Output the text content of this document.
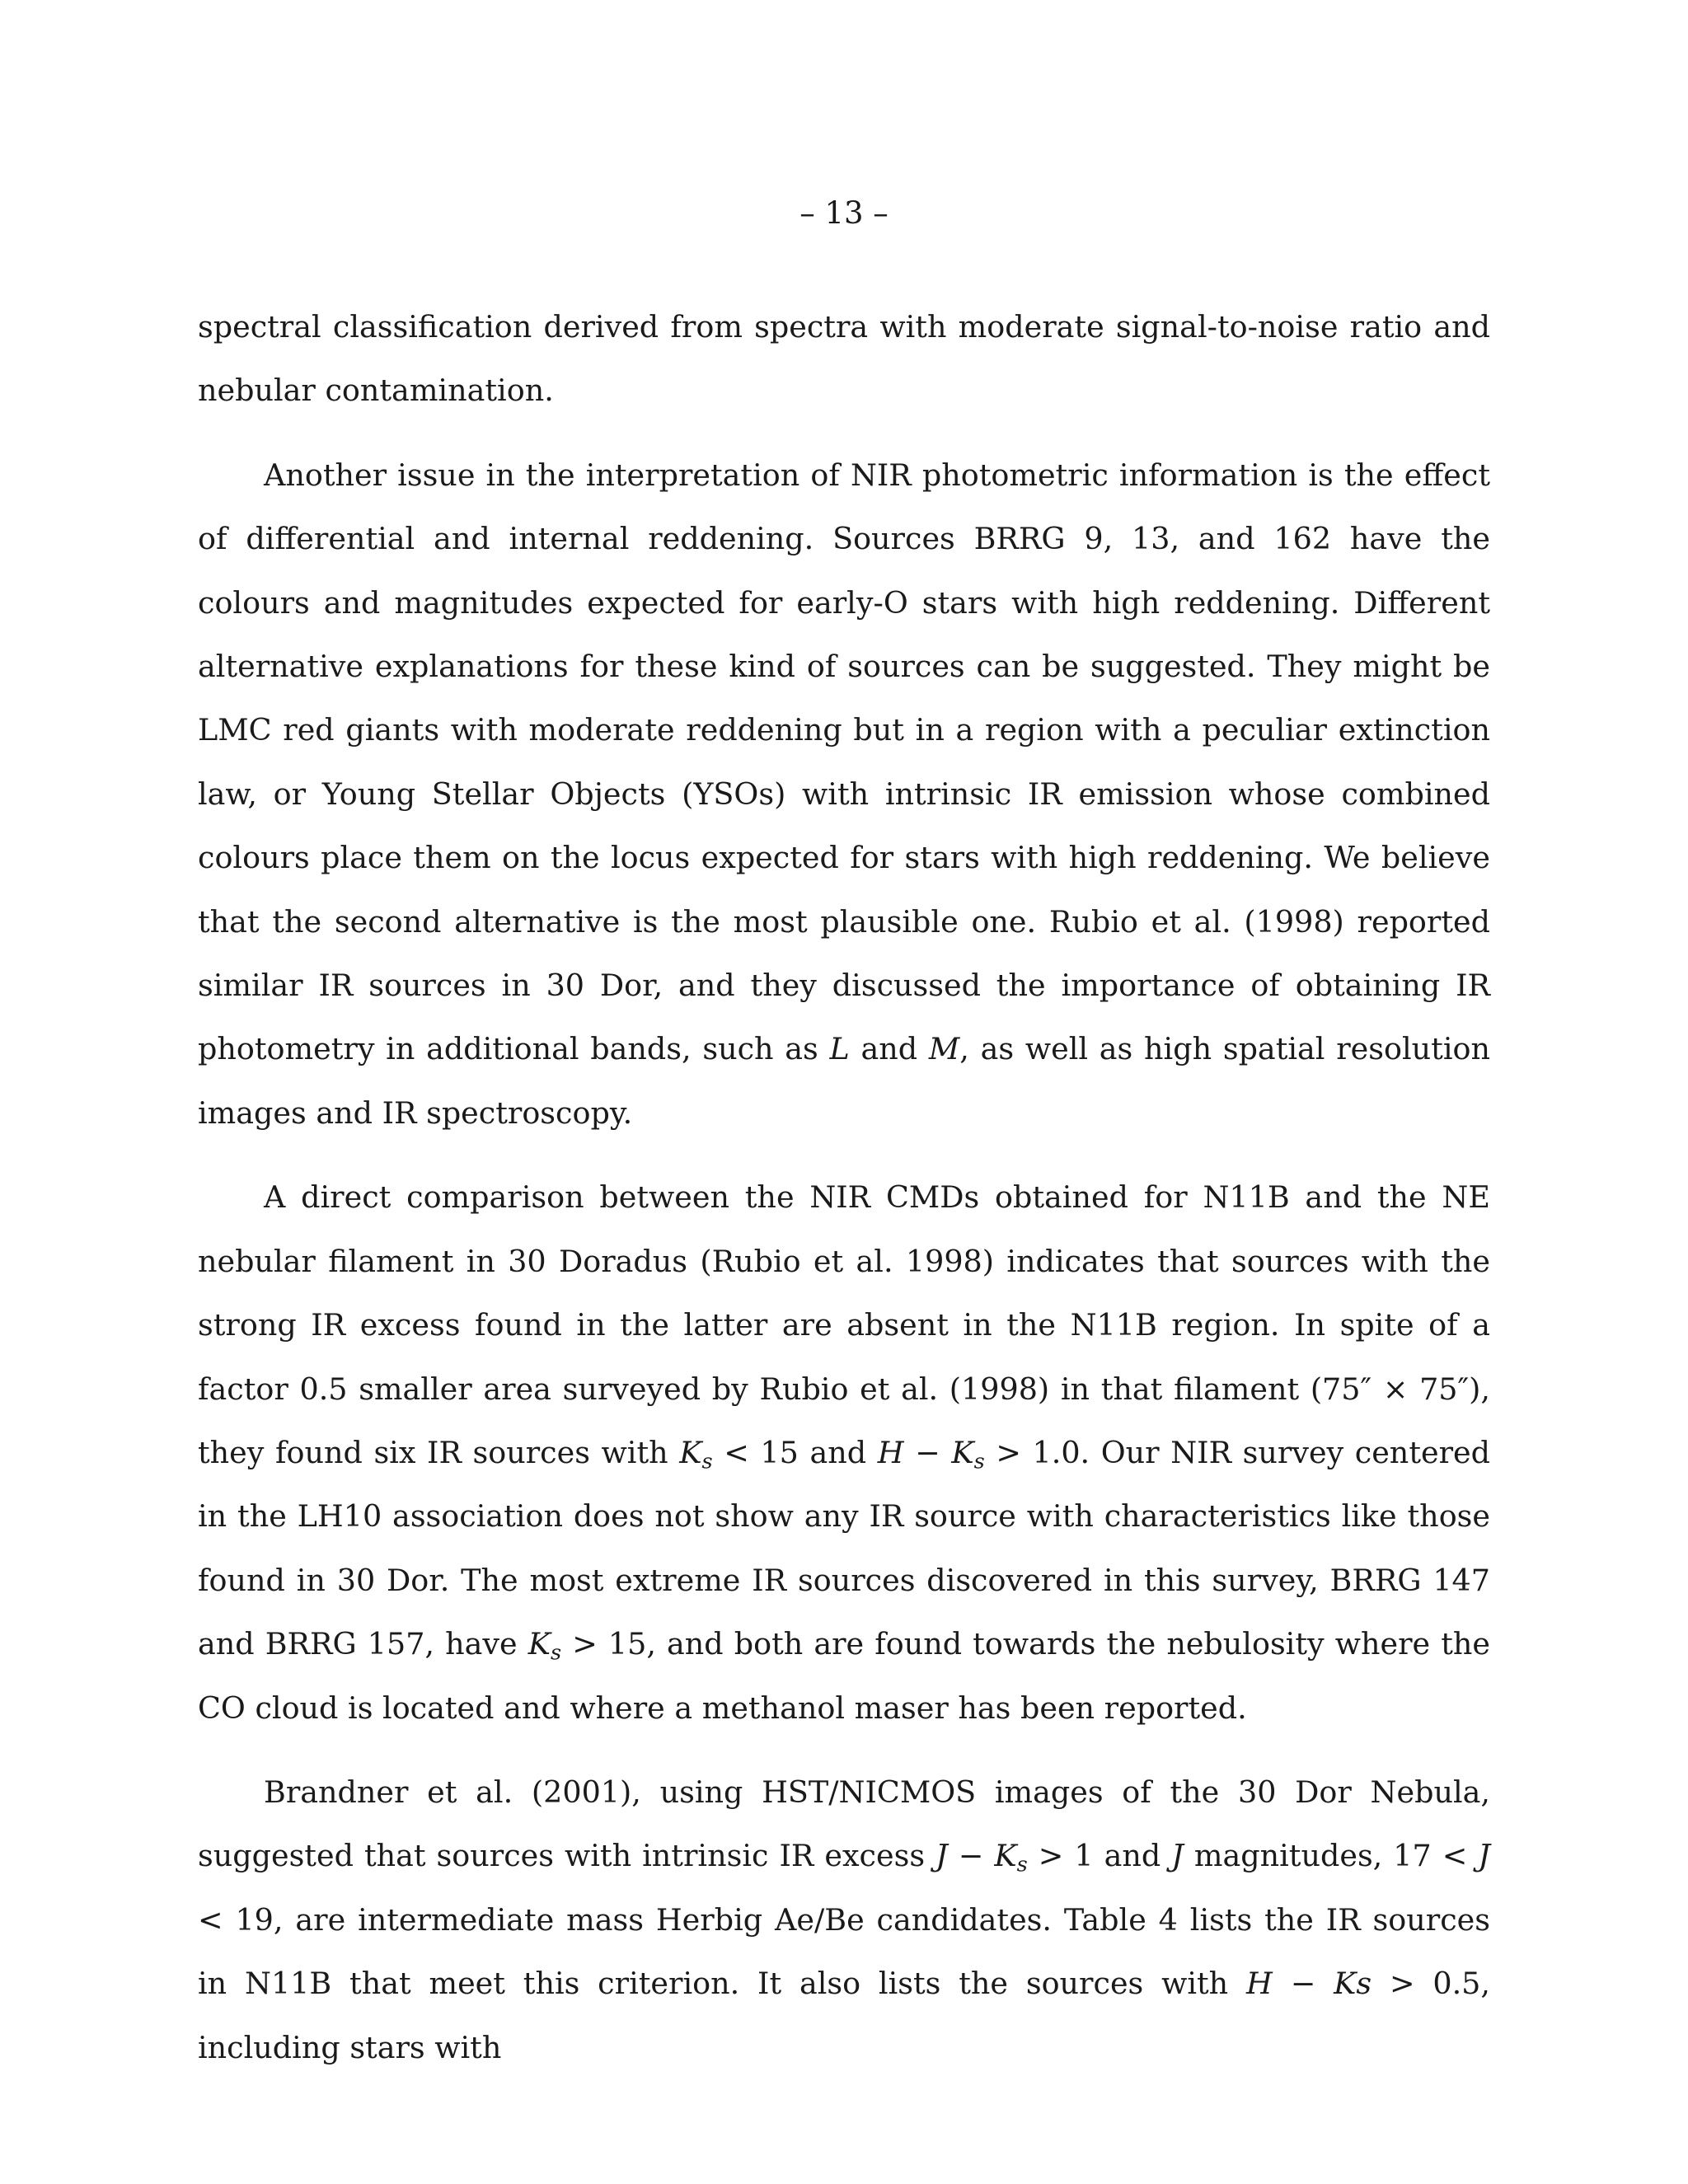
– 13 –

spectral classification derived from spectra with moderate signal-to-noise ratio and nebular contamination.

Another issue in the interpretation of NIR photometric information is the effect of differential and internal reddening. Sources BRRG 9, 13, and 162 have the colours and magnitudes expected for early-O stars with high reddening. Different alternative explanations for these kind of sources can be suggested. They might be LMC red giants with moderate reddening but in a region with a peculiar extinction law, or Young Stellar Objects (YSOs) with intrinsic IR emission whose combined colours place them on the locus expected for stars with high reddening. We believe that the second alternative is the most plausible one. Rubio et al. (1998) reported similar IR sources in 30 Dor, and they discussed the importance of obtaining IR photometry in additional bands, such as L and M, as well as high spatial resolution images and IR spectroscopy.

A direct comparison between the NIR CMDs obtained for N11B and the NE nebular filament in 30 Doradus (Rubio et al. 1998) indicates that sources with the strong IR excess found in the latter are absent in the N11B region. In spite of a factor 0.5 smaller area surveyed by Rubio et al. (1998) in that filament (75″ × 75″), they found six IR sources with $K_s < 15$ and $H - K_s > 1.0$. Our NIR survey centered in the LH10 association does not show any IR source with characteristics like those found in 30 Dor. The most extreme IR sources discovered in this survey, BRRG 147 and BRRG 157, have $K_s > 15$, and both are found towards the nebulosity where the CO cloud is located and where a methanol maser has been reported.

Brandner et al. (2001), using HST/NICMOS images of the 30 Dor Nebula, suggested that sources with intrinsic IR excess $J - K_s > 1$ and J magnitudes, 17 < J < 19, are intermediate mass Herbig Ae/Be candidates. Table 4 lists the IR sources in N11B that meet this criterion. It also lists the sources with H − Ks > 0.5, including stars with
